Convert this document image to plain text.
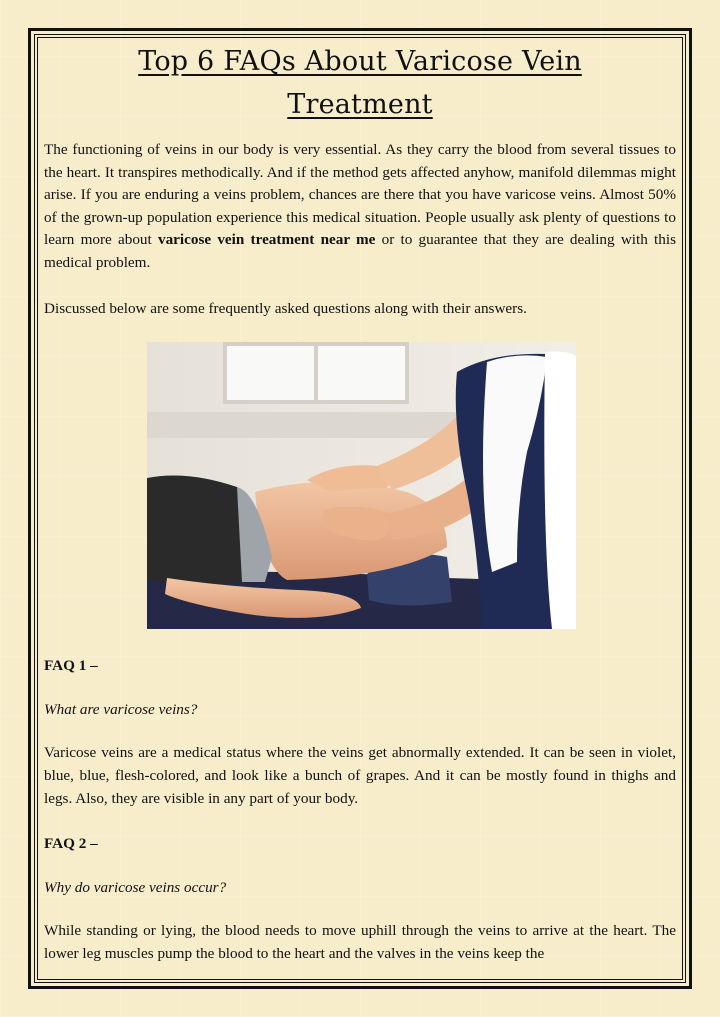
Top 6 FAQs About Varicose Vein
Treatment

The functioning of veins in our body is very essential. As they carry the blood from several tissues to the heart. It transpires methodically. And if the method gets affected anyhow, manifold dilemmas might arise. If you are enduring a veins problem, chances are there that you have varicose veins. Almost 50% of the grown-up population experience this medical situation. People usually ask plenty of questions to learn more about varicose vein treatment near me or to guarantee that they are dealing with this medical problem.

Discussed below are some frequently asked questions along with their answers.

FAQ 1 –

What are varicose veins?

Varicose veins are a medical status where the veins get abnormally extended. It can be seen in violet, blue, blue, flesh-colored, and look like a bunch of grapes. And it can be mostly found in thighs and legs. Also, they are visible in any part of your body.

FAQ 2 –

Why do varicose veins occur?

While standing or lying, the blood needs to move uphill through the veins to arrive at the heart. The lower leg muscles pump the blood to the heart and the valves in the veins keep the
